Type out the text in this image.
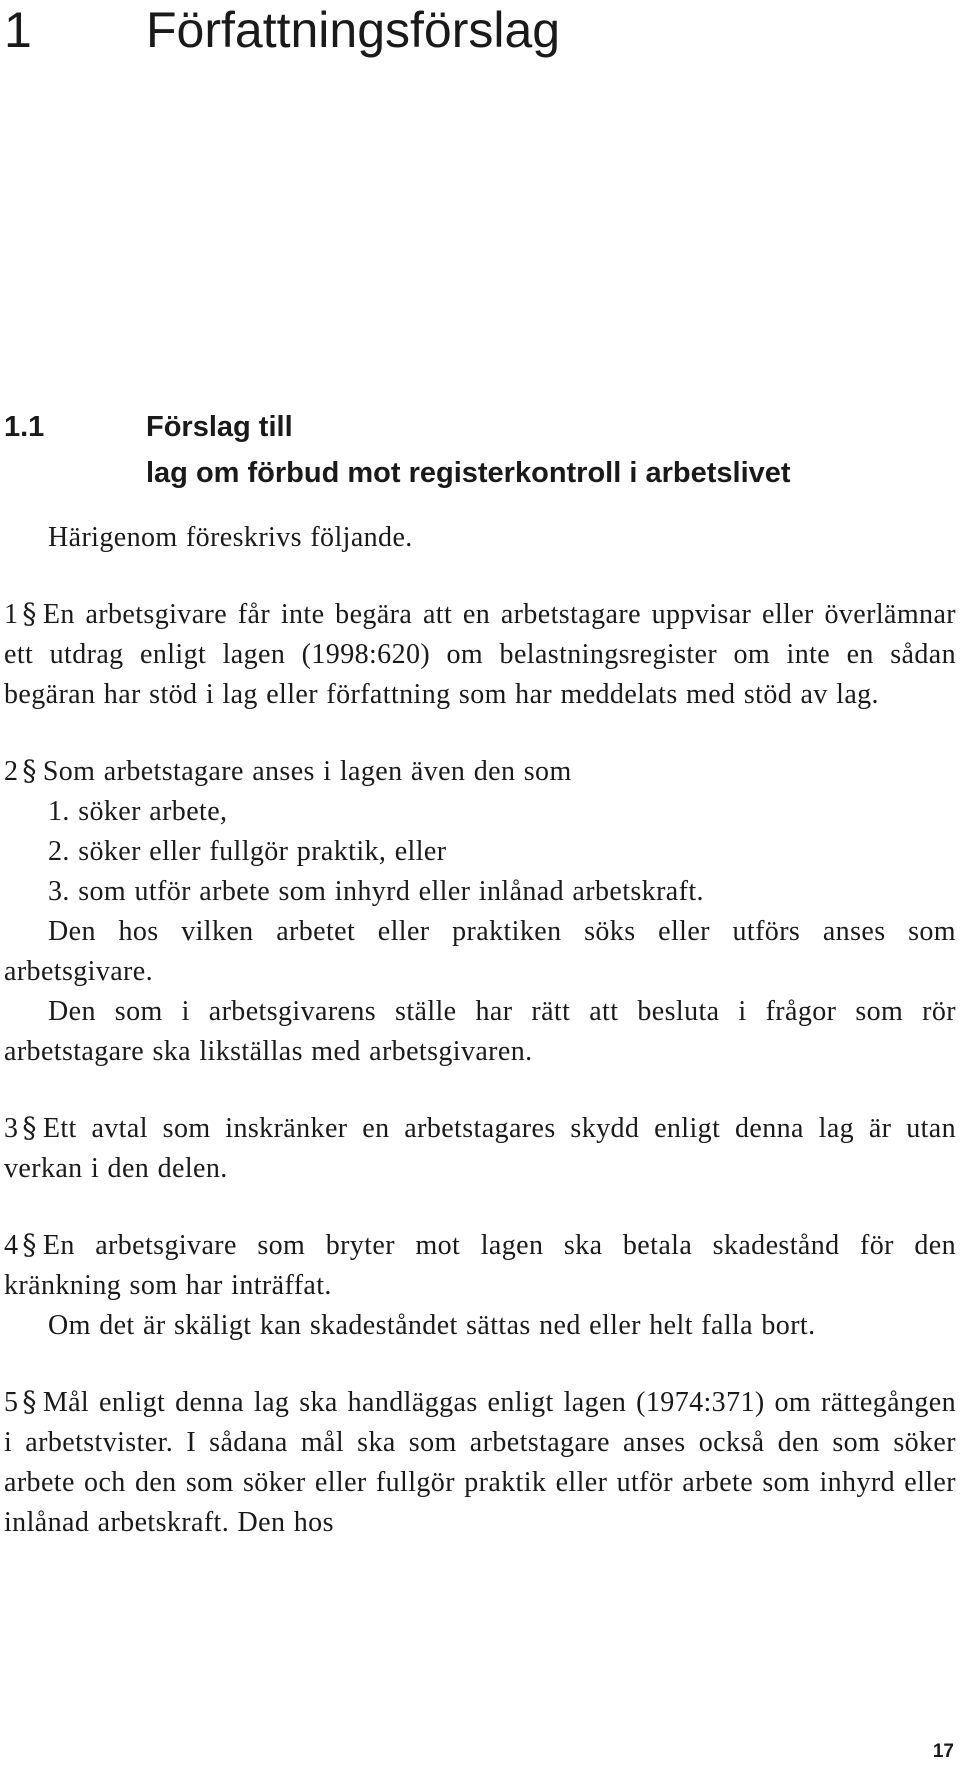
1 Författningsförslag
1.1	Förslag till
lag om förbud mot registerkontroll i arbetslivet

Härigenom föreskrivs följande.

1 § En arbetsgivare får inte begära att en arbetstagare uppvisar eller överlämnar ett utdrag enligt lagen (1998:620) om belastningsregister om inte en sådan begäran har stöd i lag eller författning som har meddelats med stöd av lag.

2 § Som arbetstagare anses i lagen även den som

1. söker arbete,

2. söker eller fullgör praktik, eller

3. som utför arbete som inhyrd eller inlånad arbetskraft.

Den hos vilken arbetet eller praktiken söks eller utförs anses som arbetsgivare.

Den som i arbetsgivarens ställe har rätt att besluta i frågor som rör arbetstagare ska likställas med arbetsgivaren.

3 § Ett avtal som inskränker en arbetstagares skydd enligt denna lag är utan verkan i den delen.

4 § En arbetsgivare som bryter mot lagen ska betala skadestånd för den kränkning som har inträffat.

Om det är skäligt kan skadeståndet sättas ned eller helt falla bort.

5 § Mål enligt denna lag ska handläggas enligt lagen (1974:371) om rättegången i arbetstvister. I sådana mål ska som arbetstagare anses också den som söker arbete och den som söker eller fullgör praktik eller utför arbete som inhyrd eller inlånad arbetskraft. Den hos

17
